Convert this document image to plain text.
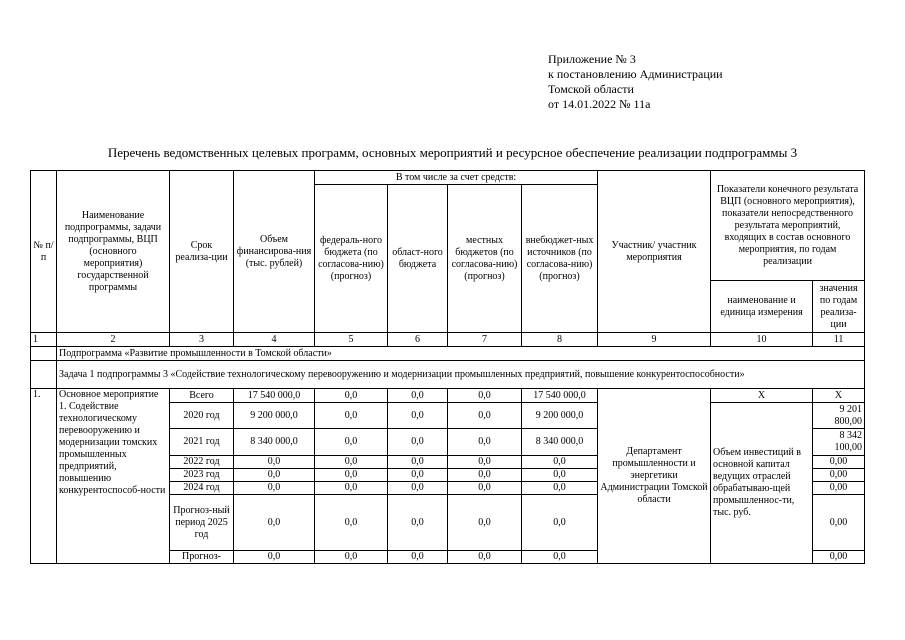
Приложение № 3
к постановлению Администрации
Томской области
от 14.01.2022 № 11а
Перечень ведомственных целевых программ, основных мероприятий и ресурсное обеспечение реализации подпрограммы 3
№ п/п	Наименование подпрограммы, задачи подпрограммы, ВЦП (основного мероприятия) государственной программы	Срок реализа-ции	Объем финансирова-ния (тыс. рублей)	В том числе за счет средств:				Участник/ участник мероприятия	Показатели конечного результата ВЦП (основного мероприятия), показатели непосредственного результата мероприятий, входящих в состав основного мероприятия, по годам реализации	
				федераль-ного бюджета (по согласова-нию) (прогноз)	област-ного бюджета	местных бюджетов (по согласова-нию) (прогноз)	внебюджет-ных источников (по согласова-нию) (прогноз)			
									наименование и единица измерения	значения по годам реализа-ции
1	2	3	4	5	6	7	8	9	10	11
	Подпрограмма «Развитие промышленности в Томской области»									
	Задача 1 подпрограммы 3 «Содействие технологическому перевооружению и модернизации промышленных предприятий, повышение конкурентоспособности»									
1.	Основное мероприятие 1. Содействие технологическому перевооружению и модернизации томских промышленных предприятий, повышению конкурентоспособ-ности	Всего	17 540 000,0	0,0	0,0	0,0	17 540 000,0	Департамент промышленности и энергетики Администрации Томской области	X	X
		2020 год	9 200 000,0	0,0	0,0	0,0	9 200 000,0		Объем инвестиций в основной капитал ведущих отраслей обрабатываю-щей промышленнос-ти, тыс. руб.	9 201 800,00
		2021 год	8 340 000,0	0,0	0,0	0,0	8 340 000,0			8 342 100,00
		2022 год	0,0	0,0	0,0	0,0	0,0			0,00
		2023 год	0,0	0,0	0,0	0,0	0,0			0,00
		2024 год	0,0	0,0	0,0	0,0	0,0			0,00
		Прогноз-ный период 2025 год	0,0	0,0	0,0	0,0	0,0			0,00
		Прогноз-	0,0	0,0	0,0	0,0	0,0			0,00
